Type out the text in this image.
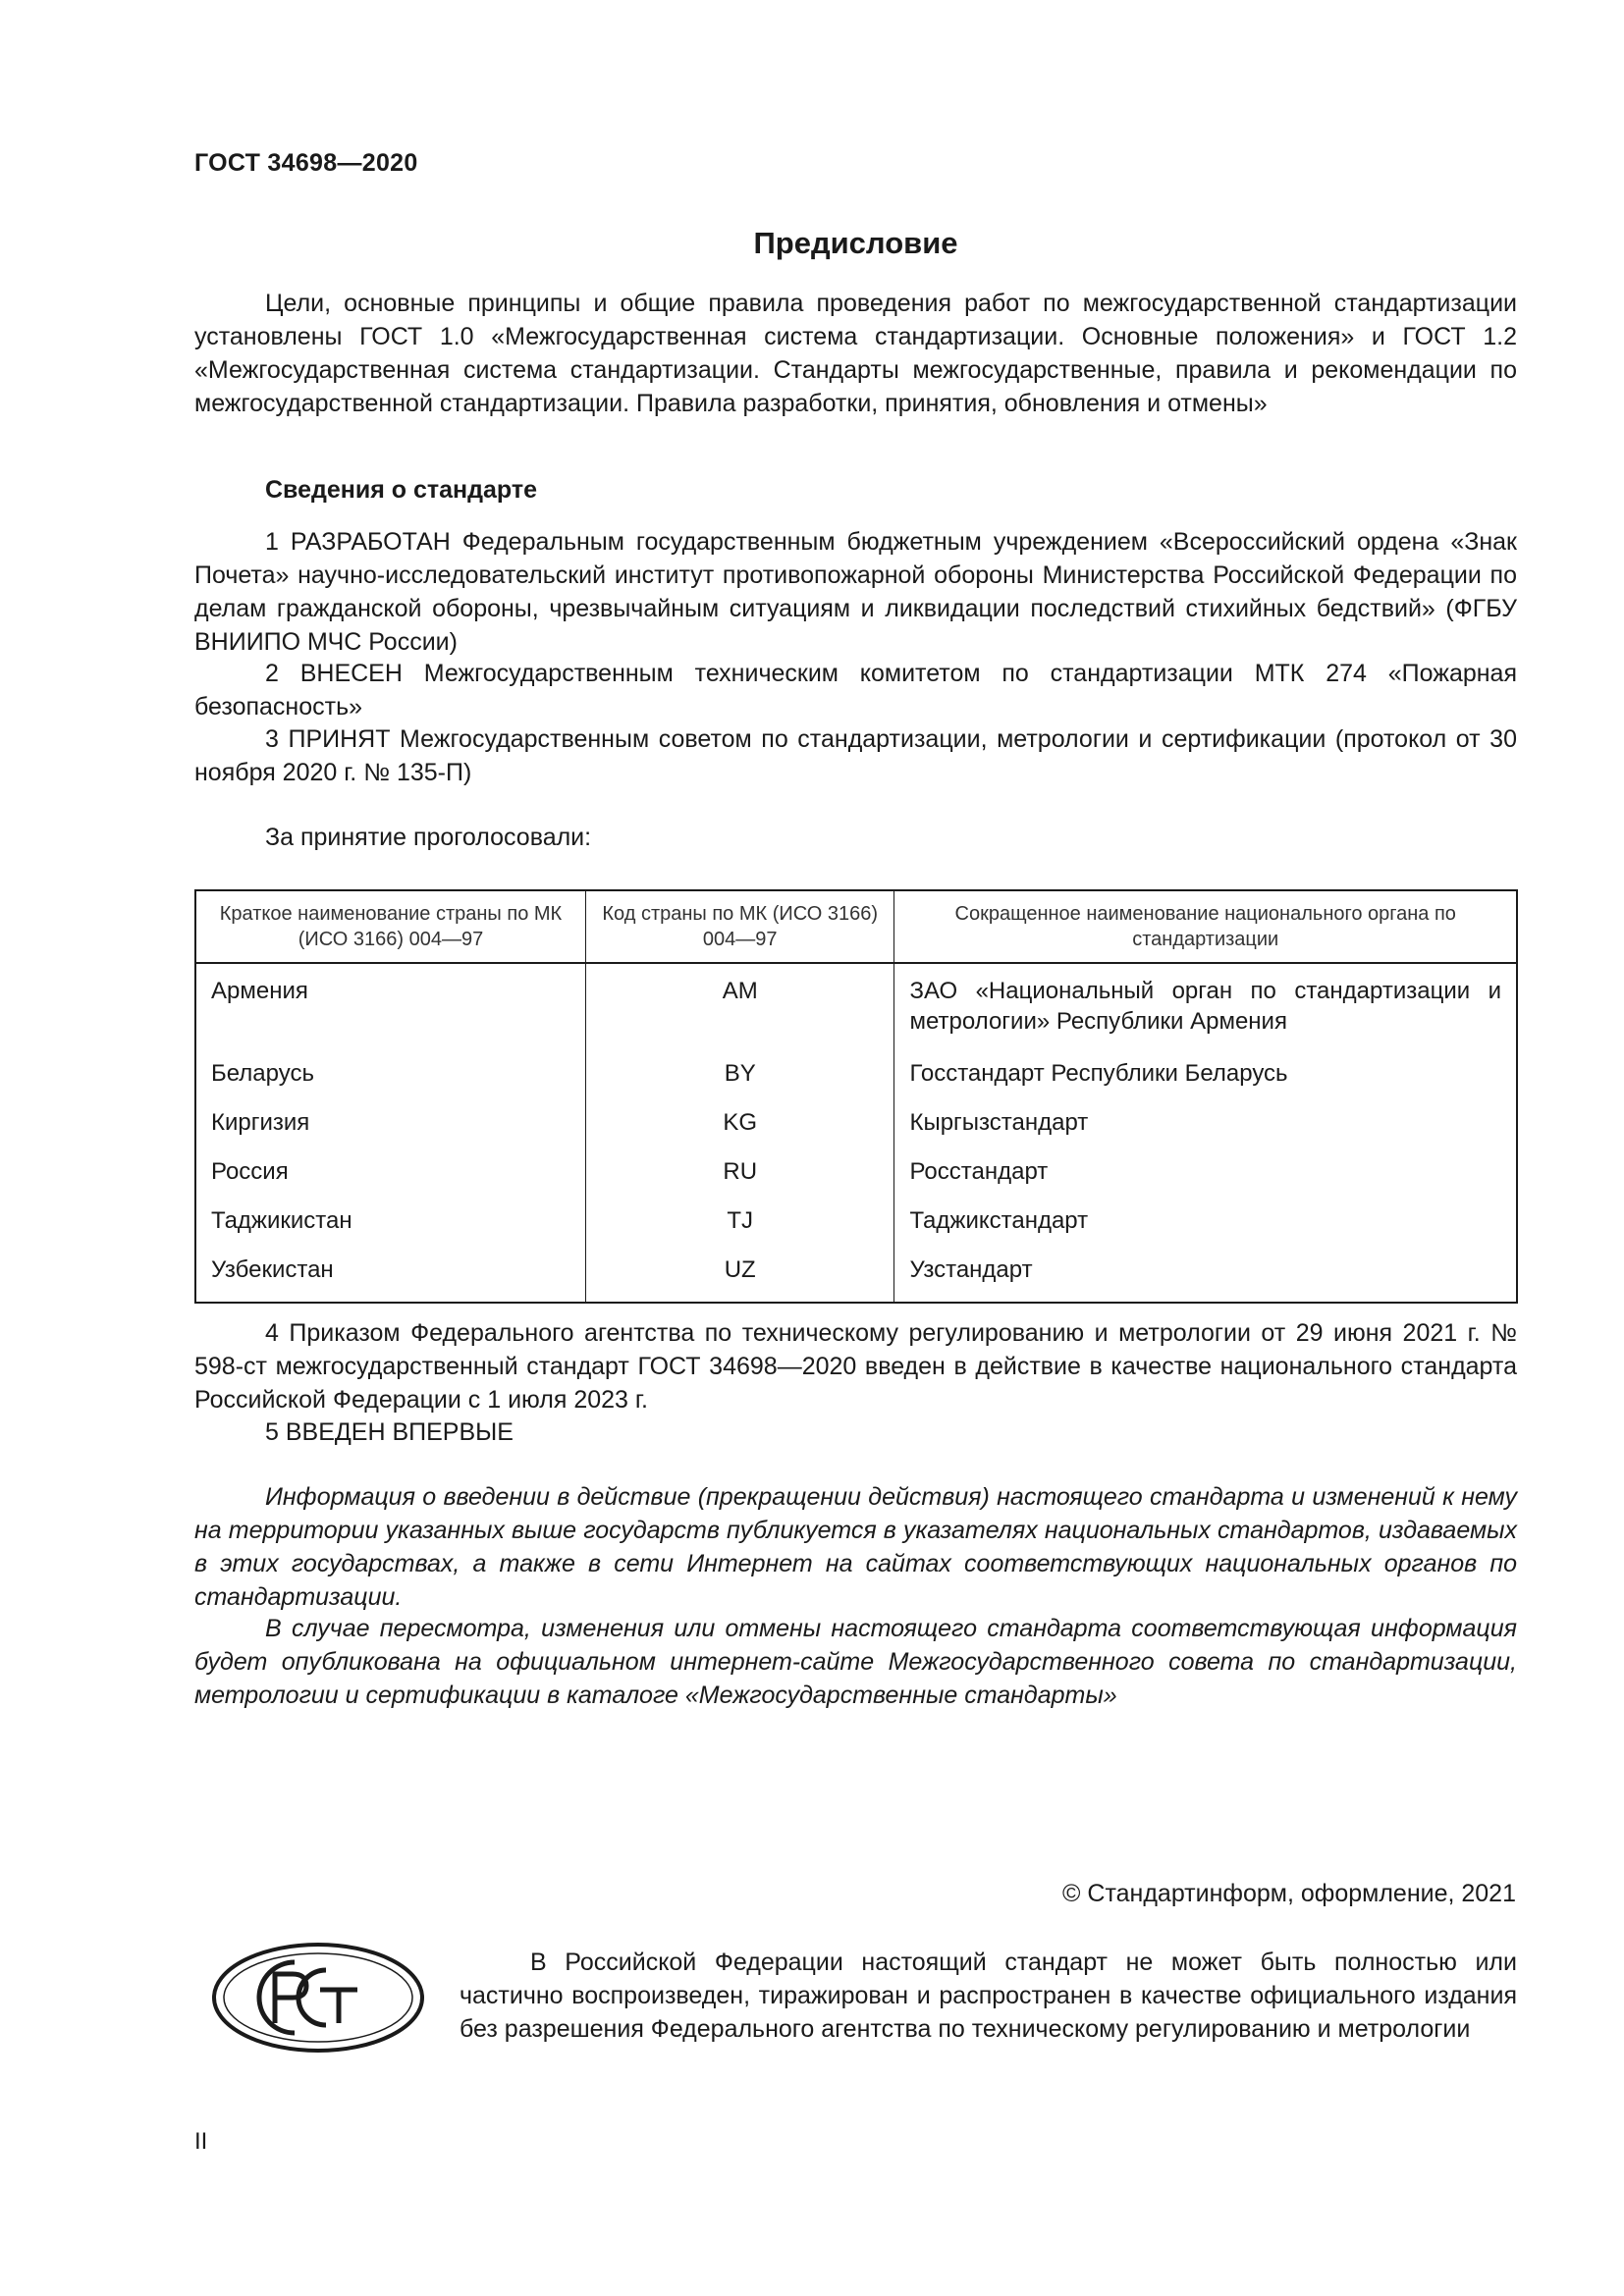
ГОСТ 34698—2020

Предисловие

Цели, основные принципы и общие правила проведения работ по межгосударственной стандартизации установлены ГОСТ 1.0 «Межгосударственная система стандартизации. Основные положения» и ГОСТ 1.2 «Межгосударственная система стандартизации. Стандарты межгосударственные, правила и рекомендации по межгосударственной стандартизации. Правила разработки, принятия, обновления и отмены»

Сведения о стандарте

1 РАЗРАБОТАН Федеральным государственным бюджетным учреждением «Всероссийский ордена «Знак Почета» научно-исследовательский институт противопожарной обороны Министерства Российской Федерации по делам гражданской обороны, чрезвычайным ситуациям и ликвидации последствий стихийных бедствий» (ФГБУ ВНИИПО МЧС России)

2 ВНЕСЕН Межгосударственным техническим комитетом по стандартизации МТК 274 «Пожарная безопасность»

3 ПРИНЯТ Межгосударственным советом по стандартизации, метрологии и сертификации (протокол от 30 ноября 2020 г. № 135-П)

За принятие проголосовали:

Краткое наименование страны по МК (ИСО 3166) 004—97	Код страны по МК (ИСО 3166) 004—97	Сокращенное наименование национального органа по стандартизации
Армения	AM	ЗАО «Национальный орган по стандартизации и метрологии» Республики Армения
Беларусь	BY	Госстандарт Республики Беларусь
Киргизия	KG	Кыргызстандарт
Россия	RU	Росстандарт
Таджикистан	TJ	Таджикстандарт
Узбекистан	UZ	Узстандарт

4 Приказом Федерального агентства по техническому регулированию и метрологии от 29 июня 2021 г. № 598-ст межгосударственный стандарт ГОСТ 34698—2020 введен в действие в качестве национального стандарта Российской Федерации с 1 июля 2023 г.

5 ВВЕДЕН ВПЕРВЫЕ

Информация о введении в действие (прекращении действия) настоящего стандарта и изменений к нему на территории указанных выше государств публикуется в указателях национальных стандартов, издаваемых в этих государствах, а также в сети Интернет на сайтах соответствующих национальных органов по стандартизации.

В случае пересмотра, изменения или отмены настоящего стандарта соответствующая информация будет опубликована на официальном интернет-сайте Межгосударственного совета по стандартизации, метрологии и сертификации в каталоге «Межгосударственные стандарты»

© Стандартинформ, оформление, 2021

В Российской Федерации настоящий стандарт не может быть полностью или частично воспроизведен, тиражирован и распространен в качестве официального издания без разрешения Федерального агентства по техническому регулированию и метрологии

II
